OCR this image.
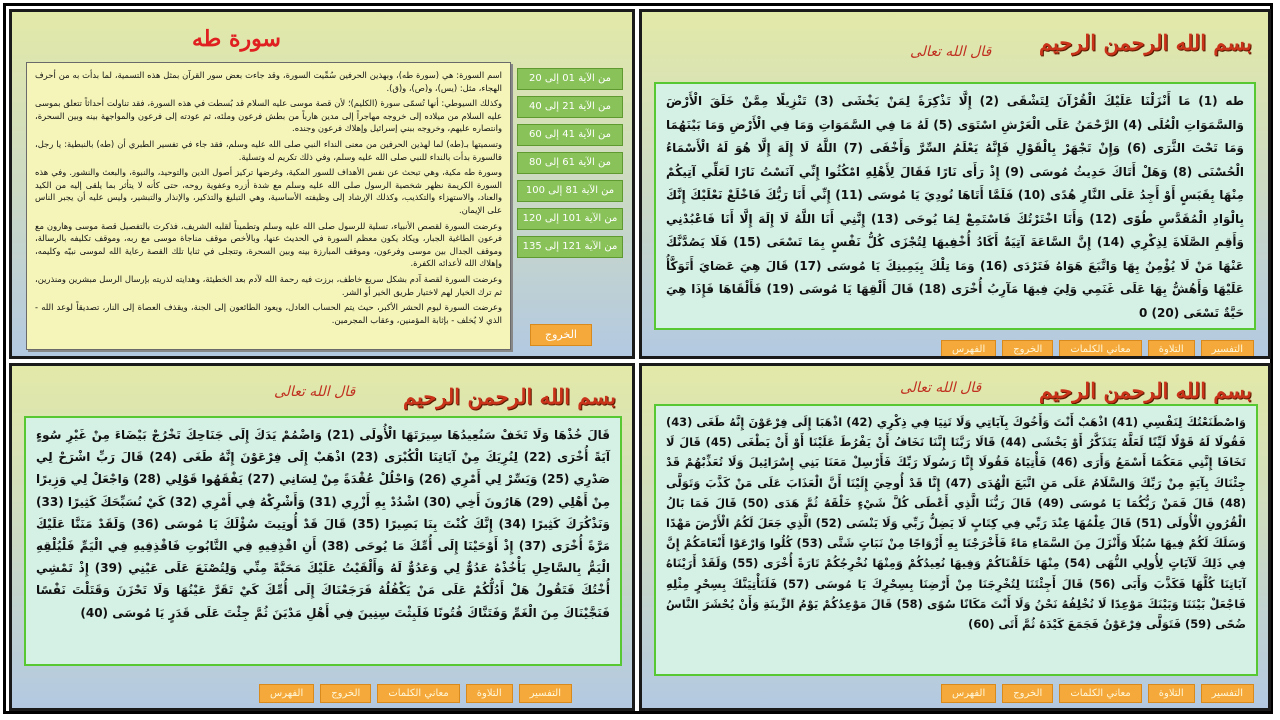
سورة طه

اسم السورة: هي (سورة طه)، وبهذين الحرفين سُمِّيت السورة، وقد جاءت بعض سور القرآن بمثل هذه التسمية، لما بدأت به من أحرف الهجاء، مثل: (يس)، و(ص)، و(ق).

وكذلك السيوطي: أنها تُسمّى سورة (الكليم)؛ لأن قصة موسى عليه السلام قد بُسطت في هذه السورة، فقد تناولت أحداثاً تتعلق بموسى عليه السلام من ميلاده إلى خروجه مهاجراً إلى مدين هارباً من بطش فرعون وملئه، ثم عودته إلى فرعون والمواجهة بينه وبين السحرة، وانتصاره عليهم، وخروجه ببني إسرائيل وإهلاك فرعون وجنده.

وتسميتها بـ(طه) لما لهذين الحرفين من معنى النداء النبي صلى الله عليه وسلم، فقد جاء في تفسير الطبري أن (طه) بالنبطية: يا رجل، فالسورة بدأت بالنداء للنبي صلى الله عليه وسلم، وفي ذلك تكريم له وتسلية.

وسورة طه مكية، وهي تبحث عن نفس الأهداف للسور المكية، وغرضها تركيز أصول الدين والتوحيد، والنبوة، والبعث والنشور. وفي هذه السورة الكريمة نظهر شخصية الرسول صلى الله عليه وسلم مع شدة أزره وعفوية روحه، حتى كأنه لا يتأثر بما يلقى إليه من الكيد والعناد، والاستهزاء والتكذيب، وكذلك الإرشاد إلى وظيفته الأساسية، وهي التبليغ والتذكير، والإنذار والتبشير، وليس عليه أن يجبر الناس على الإيمان.

وعرضت السورة لقصص الأنبياء، تسلية للرسول صلى الله عليه وسلم وتطميناً لقلبه الشريف، فذكرت بالتفصيل قصة موسى وهارون مع فرعون الطاغية الجبار، ويكاد يكون معظم السورة في الحديث عنها، وبالأخص موقف مناجاة موسى مع ربه، وموقف تكليفه بالرسالة، وموقف الجدال بين موسى وفرعون، وموقف المبارزة بينه وبين السحرة، وتتجلى في ثنايا تلك القصة رعاية الله لموسى نبيّه وكليمه، وإهلاك الله لأعدائه الكفرة.

وعرضت السورة لقصة آدم بشكل سريع خاطف، برزت فيه رحمة الله لآدم بعد الخطيئة، وهدايته لذريته بإرسال الرسل مبشرين ومنذرين، ثم ترك الخيار لهم لاختيار طريق الخير أو الشر.

وعرضت السورة ليوم الحشر الأكبر، حيث يتم الحساب العادل، ويعود الطائعون إلى الجنة، ويقذف العصاة إلى النار، تصديقاً لوعد الله - الذي لا يُخلف - بإثابة المؤمنين، وعقاب المجرمين.

من الآية 01 إلى 20
من الآية 21 إلى 40
من الآية 41 إلى 60
من الآية 61 إلى 80
من الآية 81 إلى 100
من الآية 101 إلى 120
من الآية 121 إلى 135
الخروج
بسم الله الرحمن الرحيم
قال الله تعالى
طه (1) مَا أَنْزَلْنَا عَلَيْكَ الْقُرْآنَ لِتَشْقَى (2) إِلَّا تَذْكِرَةً لِمَنْ يَخْشَى (3) تَنْزِيلًا مِمَّنْ خَلَقَ الْأَرْضَ وَالسَّمَوَاتِ الْعُلَى (4) الرَّحْمَنُ عَلَى الْعَرْشِ اسْتَوَى (5) لَهُ مَا فِي السَّمَوَاتِ وَمَا فِي الْأَرْضِ وَمَا بَيْنَهُمَا وَمَا تَحْتَ الثَّرَى (6) وَإِنْ تَجْهَرْ بِالْقَوْلِ فَإِنَّهُ يَعْلَمُ السِّرَّ وَأَخْفَى (7) اللَّهُ لَا إِلَهَ إِلَّا هُوَ لَهُ الْأَسْمَاءُ الْحُسْنَى (8) وَهَلْ أَتَاكَ حَدِيثُ مُوسَى (9) إِذْ رَأَى نَارًا فَقَالَ لِأَهْلِهِ امْكُثُوا إِنِّي آنَسْتُ نَارًا لَعَلِّي آتِيكُمْ مِنْهَا بِقَبَسٍ أَوْ أَجِدُ عَلَى النَّارِ هُدًى (10) فَلَمَّا أَتَاهَا نُودِيَ يَا مُوسَى (11) إِنِّي أَنَا رَبُّكَ فَاخْلَعْ نَعْلَيْكَ إِنَّكَ بِالْوَادِ الْمُقَدَّسِ طُوًى (12) وَأَنَا اخْتَرْتُكَ فَاسْتَمِعْ لِمَا يُوحَى (13) إِنَّنِي أَنَا اللَّهُ لَا إِلَهَ إِلَّا أَنَا فَاعْبُدْنِي وَأَقِمِ الصَّلَاةَ لِذِكْرِي (14) إِنَّ السَّاعَةَ آتِيَةٌ أَكَادُ أُخْفِيهَا لِتُجْزَى كُلُّ نَفْسٍ بِمَا تَسْعَى (15) فَلَا يَصُدَّنَّكَ عَنْهَا مَنْ لَا يُؤْمِنُ بِهَا وَاتَّبَعَ هَوَاهُ فَتَرْدَى (16) وَمَا تِلْكَ بِيَمِينِكَ يَا مُوسَى (17) قَالَ هِيَ عَصَايَ أَتَوَكَّأُ عَلَيْهَا وَأَهُشُّ بِهَا عَلَى غَنَمِي وَلِيَ فِيهَا مَآرِبُ أُخْرَى (18) قَالَ أَلْقِهَا يَا مُوسَى (19) فَأَلْقَاهَا فَإِذَا هِيَ حَيَّةٌ تَسْعَى (20) 0
التفسير
التلاوة
معاني الكلمات
الخروج
الفهرس
بسم الله الرحمن الرحيم
قال الله تعالى
قَالَ خُذْهَا وَلَا تَخَفْ سَنُعِيدُهَا سِيرَتَهَا الْأُولَى (21) وَاضْمُمْ يَدَكَ إِلَى جَنَاحِكَ تَخْرُجْ بَيْضَاءَ مِنْ غَيْرِ سُوءٍ آيَةً أُخْرَى (22) لِنُرِيَكَ مِنْ آيَاتِنَا الْكُبْرَى (23) اذْهَبْ إِلَى فِرْعَوْنَ إِنَّهُ طَغَى (24) قَالَ رَبِّ اشْرَحْ لِي صَدْرِي (25) وَيَسِّرْ لِي أَمْرِي (26) وَاحْلُلْ عُقْدَةً مِنْ لِسَانِي (27) يَفْقَهُوا قَوْلِي (28) وَاجْعَلْ لِي وَزِيرًا مِنْ أَهْلِي (29) هَارُونَ أَخِي (30) اشْدُدْ بِهِ أَزْرِي (31) وَأَشْرِكْهُ فِي أَمْرِي (32) كَيْ نُسَبِّحَكَ كَثِيرًا (33) وَنَذْكُرَكَ كَثِيرًا (34) إِنَّكَ كُنْتَ بِنَا بَصِيرًا (35) قَالَ قَدْ أُوتِيتَ سُؤْلَكَ يَا مُوسَى (36) وَلَقَدْ مَنَنَّا عَلَيْكَ مَرَّةً أُخْرَى (37) إِذْ أَوْحَيْنَا إِلَى أُمِّكَ مَا يُوحَى (38) أَنِ اقْذِفِيهِ فِي التَّابُوتِ فَاقْذِفِيهِ فِي الْيَمِّ فَلْيُلْقِهِ الْيَمُّ بِالسَّاحِلِ يَأْخُذْهُ عَدُوٌّ لِي وَعَدُوٌّ لَهُ وَأَلْقَيْتُ عَلَيْكَ مَحَبَّةً مِنِّي وَلِتُصْنَعَ عَلَى عَيْنِي (39) إِذْ تَمْشِي أُخْتُكَ فَتَقُولُ هَلْ أَدُلُّكُمْ عَلَى مَنْ يَكْفُلُهُ فَرَجَعْنَاكَ إِلَى أُمِّكَ كَيْ تَقَرَّ عَيْنُهَا وَلَا تَحْزَنَ وَقَتَلْتَ نَفْسًا فَنَجَّيْنَاكَ مِنَ الْغَمِّ وَفَتَنَّاكَ فُتُونًا فَلَبِثْتَ سِنِينَ فِي أَهْلِ مَدْيَنَ ثُمَّ جِئْتَ عَلَى قَدَرٍ يَا مُوسَى (40)
التفسير
التلاوة
معاني الكلمات
الخروج
الفهرس
بسم الله الرحمن الرحيم
قال الله تعالى
وَاصْطَنَعْتُكَ لِنَفْسِي (41) اذْهَبْ أَنْتَ وَأَخُوكَ بِآيَاتِي وَلَا تَنِيَا فِي ذِكْرِي (42) اذْهَبَا إِلَى فِرْعَوْنَ إِنَّهُ طَغَى (43) فَقُولَا لَهُ قَوْلًا لَيِّنًا لَعَلَّهُ يَتَذَكَّرُ أَوْ يَخْشَى (44) قَالَا رَبَّنَا إِنَّنَا نَخَافُ أَنْ يَفْرُطَ عَلَيْنَا أَوْ أَنْ يَطْغَى (45) قَالَ لَا تَخَافَا إِنَّنِي مَعَكُمَا أَسْمَعُ وَأَرَى (46) فَأْتِيَاهُ فَقُولَا إِنَّا رَسُولَا رَبِّكَ فَأَرْسِلْ مَعَنَا بَنِي إِسْرَائِيلَ وَلَا تُعَذِّبْهُمْ قَدْ جِئْنَاكَ بِآيَةٍ مِنْ رَبِّكَ وَالسَّلَامُ عَلَى مَنِ اتَّبَعَ الْهُدَى (47) إِنَّا قَدْ أُوحِيَ إِلَيْنَا أَنَّ الْعَذَابَ عَلَى مَنْ كَذَّبَ وَتَوَلَّى (48) قَالَ فَمَنْ رَبُّكُمَا يَا مُوسَى (49) قَالَ رَبُّنَا الَّذِي أَعْطَى كُلَّ شَيْءٍ خَلْقَهُ ثُمَّ هَدَى (50) قَالَ فَمَا بَالُ الْقُرُونِ الْأُولَى (51) قَالَ عِلْمُهَا عِنْدَ رَبِّي فِي كِتَابٍ لَا يَضِلُّ رَبِّي وَلَا يَنْسَى (52) الَّذِي جَعَلَ لَكُمُ الْأَرْضَ مَهْدًا وَسَلَكَ لَكُمْ فِيهَا سُبُلًا وَأَنْزَلَ مِنَ السَّمَاءِ مَاءً فَأَخْرَجْنَا بِهِ أَزْوَاجًا مِنْ نَبَاتٍ شَتَّى (53) كُلُوا وَارْعَوْا أَنْعَامَكُمْ إِنَّ فِي ذَلِكَ لَآيَاتٍ لِأُولِي النُّهَى (54) مِنْهَا خَلَقْنَاكُمْ وَفِيهَا نُعِيدُكُمْ وَمِنْهَا نُخْرِجُكُمْ تَارَةً أُخْرَى (55) وَلَقَدْ أَرَيْنَاهُ آيَاتِنَا كُلَّهَا فَكَذَّبَ وَأَبَى (56) قَالَ أَجِئْتَنَا لِتُخْرِجَنَا مِنْ أَرْضِنَا بِسِحْرِكَ يَا مُوسَى (57) فَلَنَأْتِيَنَّكَ بِسِحْرٍ مِثْلِهِ فَاجْعَلْ بَيْنَنَا وَبَيْنَكَ مَوْعِدًا لَا نُخْلِفُهُ نَحْنُ وَلَا أَنْتَ مَكَانًا سُوًى (58) قَالَ مَوْعِدُكُمْ يَوْمُ الزِّينَةِ وَأَنْ يُحْشَرَ النَّاسُ ضُحًى (59) فَتَوَلَّى فِرْعَوْنُ فَجَمَعَ كَيْدَهُ ثُمَّ أَتَى (60)
التفسير
التلاوة
معاني الكلمات
الخروج
الفهرس
